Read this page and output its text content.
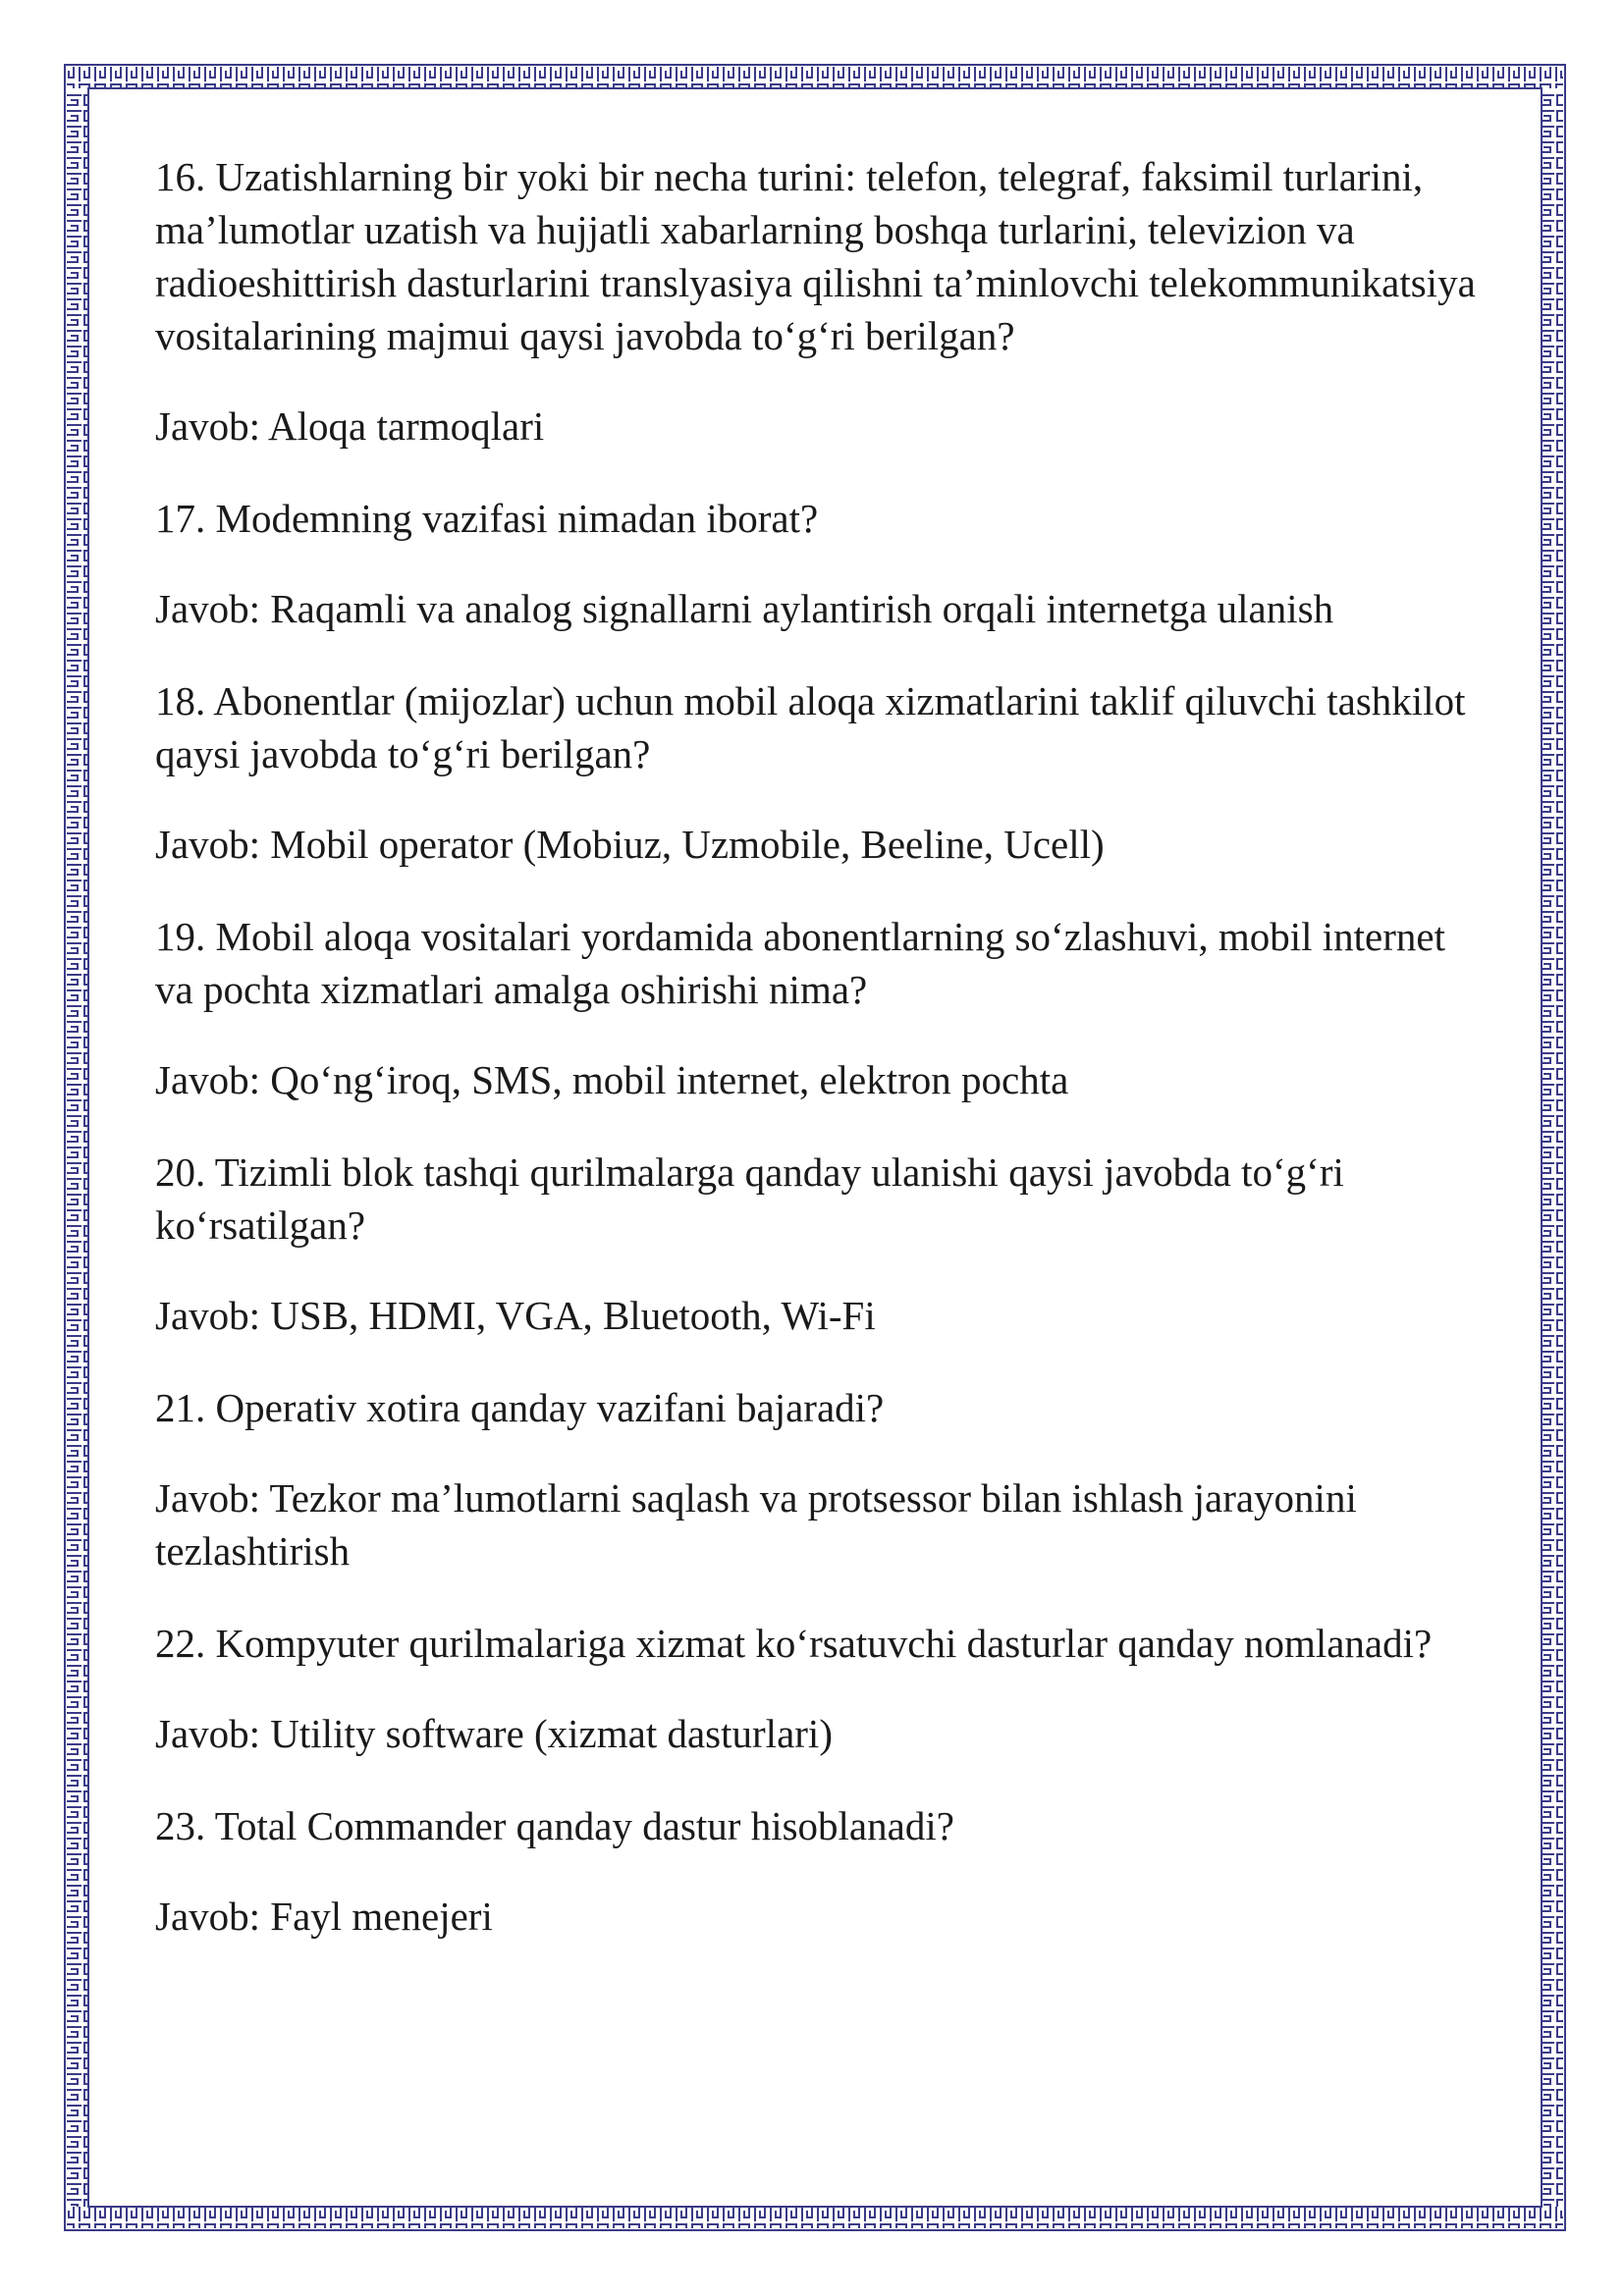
16. Uzatishlarning bir yoki bir necha turini: telefon, telegraf, faksimil turlarini, ma’lumotlar uzatish va hujjatli xabarlarning boshqa turlarini, televizion va radioeshittirish dasturlarini translyasiya qilishni ta’minlovchi telekommunikatsiya vositalarining majmui qaysi javobda to‘g‘ri berilgan?

Javob: Aloqa tarmoqlari

17. Modemning vazifasi nimadan iborat?

Javob: Raqamli va analog signallarni aylantirish orqali internetga ulanish

18. Abonentlar (mijozlar) uchun mobil aloqa xizmatlarini taklif qiluvchi tashkilot qaysi javobda to‘g‘ri berilgan?

Javob: Mobil operator (Mobiuz, Uzmobile, Beeline, Ucell)

19. Mobil aloqa vositalari yordamida abonentlarning so‘zlashuvi, mobil internet va pochta xizmatlari amalga oshirishi nima?

Javob: Qo‘ng‘iroq, SMS, mobil internet, elektron pochta

20. Tizimli blok tashqi qurilmalarga qanday ulanishi qaysi javobda to‘g‘ri ko‘rsatilgan?

Javob: USB, HDMI, VGA, Bluetooth, Wi-Fi

21. Operativ xotira qanday vazifani bajaradi?

Javob: Tezkor ma’lumotlarni saqlash va protsessor bilan ishlash jarayonini tezlashtirish

22. Kompyuter qurilmalariga xizmat ko‘rsatuvchi dasturlar qanday nomlanadi?

Javob: Utility software (xizmat dasturlari)

23. Total Commander qanday dastur hisoblanadi?

Javob: Fayl menejeri
